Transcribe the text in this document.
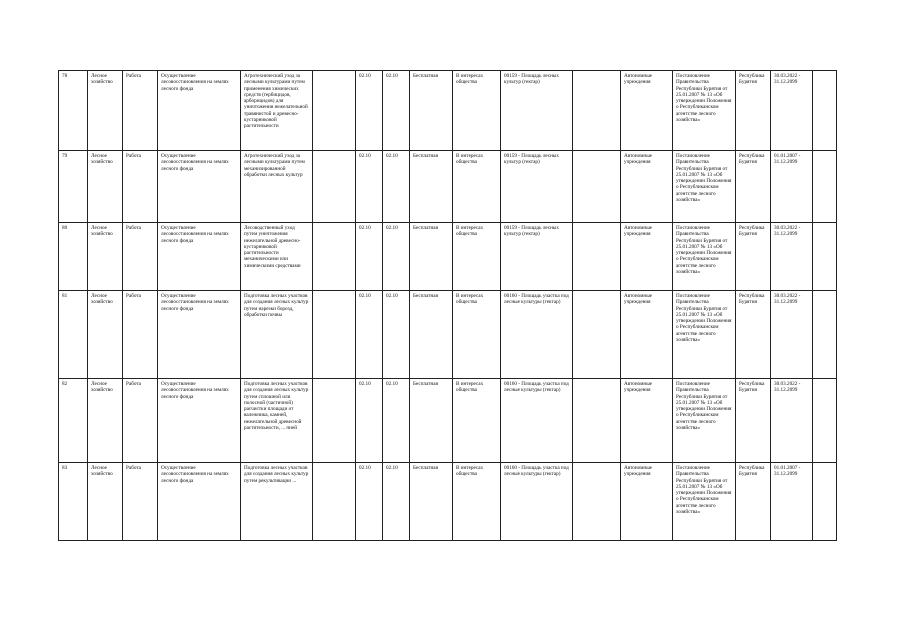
78	Лесное хозяйство	Работа	Осуществление лесовосстановления на землях лесного фонда	Агротехнический уход за лесными культурами путем применения химических средств (гербицидов, арборицидов) для уничтожения нежелательной травянистой и древесно-кустарниковой растительности		02.10	02.10	Бесплатная	В интересах общества	00159 - Площадь лесных культур (гектар)		Автономные учреждения	Постановление Правительства Республики Бурятия от 25.01.2007 № 13 «Об утверждении Положения о Республиканском агентстве лесного хозяйства»	Республика Бурятия	30.03.2022 - 31.12.2099	
79	Лесное хозяйство	Работа	Осуществление лесовосстановления на землях лесного фонда	Агротехнический уход за лесными культурами путем механизированной обработки лесных культур		02.10	02.10	Бесплатная	В интересах общества	00159 - Площадь лесных культур (гектар)		Автономные учреждения	Постановление Правительства Республики Бурятия от 25.01.2007 № 13 «Об утверждении Положения о Республиканском агентстве лесного хозяйства»	Республика Бурятия	01.01.2007 - 31.12.2099	
80	Лесное хозяйство	Работа	Осуществление лесовосстановления на землях лесного фонда	Лесоводственный уход путем уничтожения нежелательной древесно-кустарниковой растительности механическими или химическими средствами		02.10	02.10	Бесплатная	В интересах общества	00159 - Площадь лесных культур (гектар)		Автономные учреждения	Постановление Правительства Республики Бурятия от 25.01.2007 № 13 «Об утверждении Положения о Республиканском агентстве лесного хозяйства»	Республика Бурятия	30.03.2022 - 31.12.2099	
81	Лесное хозяйство	Работа	Осуществление лесовосстановления на землях лесного фонда	Подготовка лесных участков для создания лесных культур путем нарезки борозд, обработки почвы		02.10	02.10	Бесплатная	В интересах общества	00160 - Площадь участка под лесные культуры (гектар)		Автономные учреждения	Постановление Правительства Республики Бурятия от 25.01.2007 № 13 «Об утверждении Положения о Республиканском агентстве лесного хозяйства»	Республика Бурятия	30.03.2022 - 31.12.2099	
82	Лесное хозяйство	Работа	Осуществление лесовосстановления на землях лесного фонда	Подготовка лесных участков для создания лесных культур путем сплошной или полосной (частичной) расчистки площади от валежника, камней, нежелательной древесной растительности, ... пней		02.10	02.10	Бесплатная	В интересах общества	00160 - Площадь участка под лесные культуры (гектар)		Автономные учреждения	Постановление Правительства Республики Бурятия от 25.01.2007 № 13 «Об утверждении Положения о Республиканском агентстве лесного хозяйства»	Республика Бурятия	30.03.2022 - 31.12.2099	
83	Лесное хозяйство	Работа	Осуществление лесовосстановления на землях лесного фонда	Подготовка лесных участков для создания лесных культур путем рекультивации ...		02.10	02.10	Бесплатная	В интересах общества	00160 - Площадь участка под лесные культуры (гектар)		Автономные учреждения	Постановление Правительства Республики Бурятия от 25.01.2007 № 13 «Об утверждении Положения о Республиканском агентстве лесного хозяйства»	Республика Бурятия	01.01.2007 - 31.12.2099	
